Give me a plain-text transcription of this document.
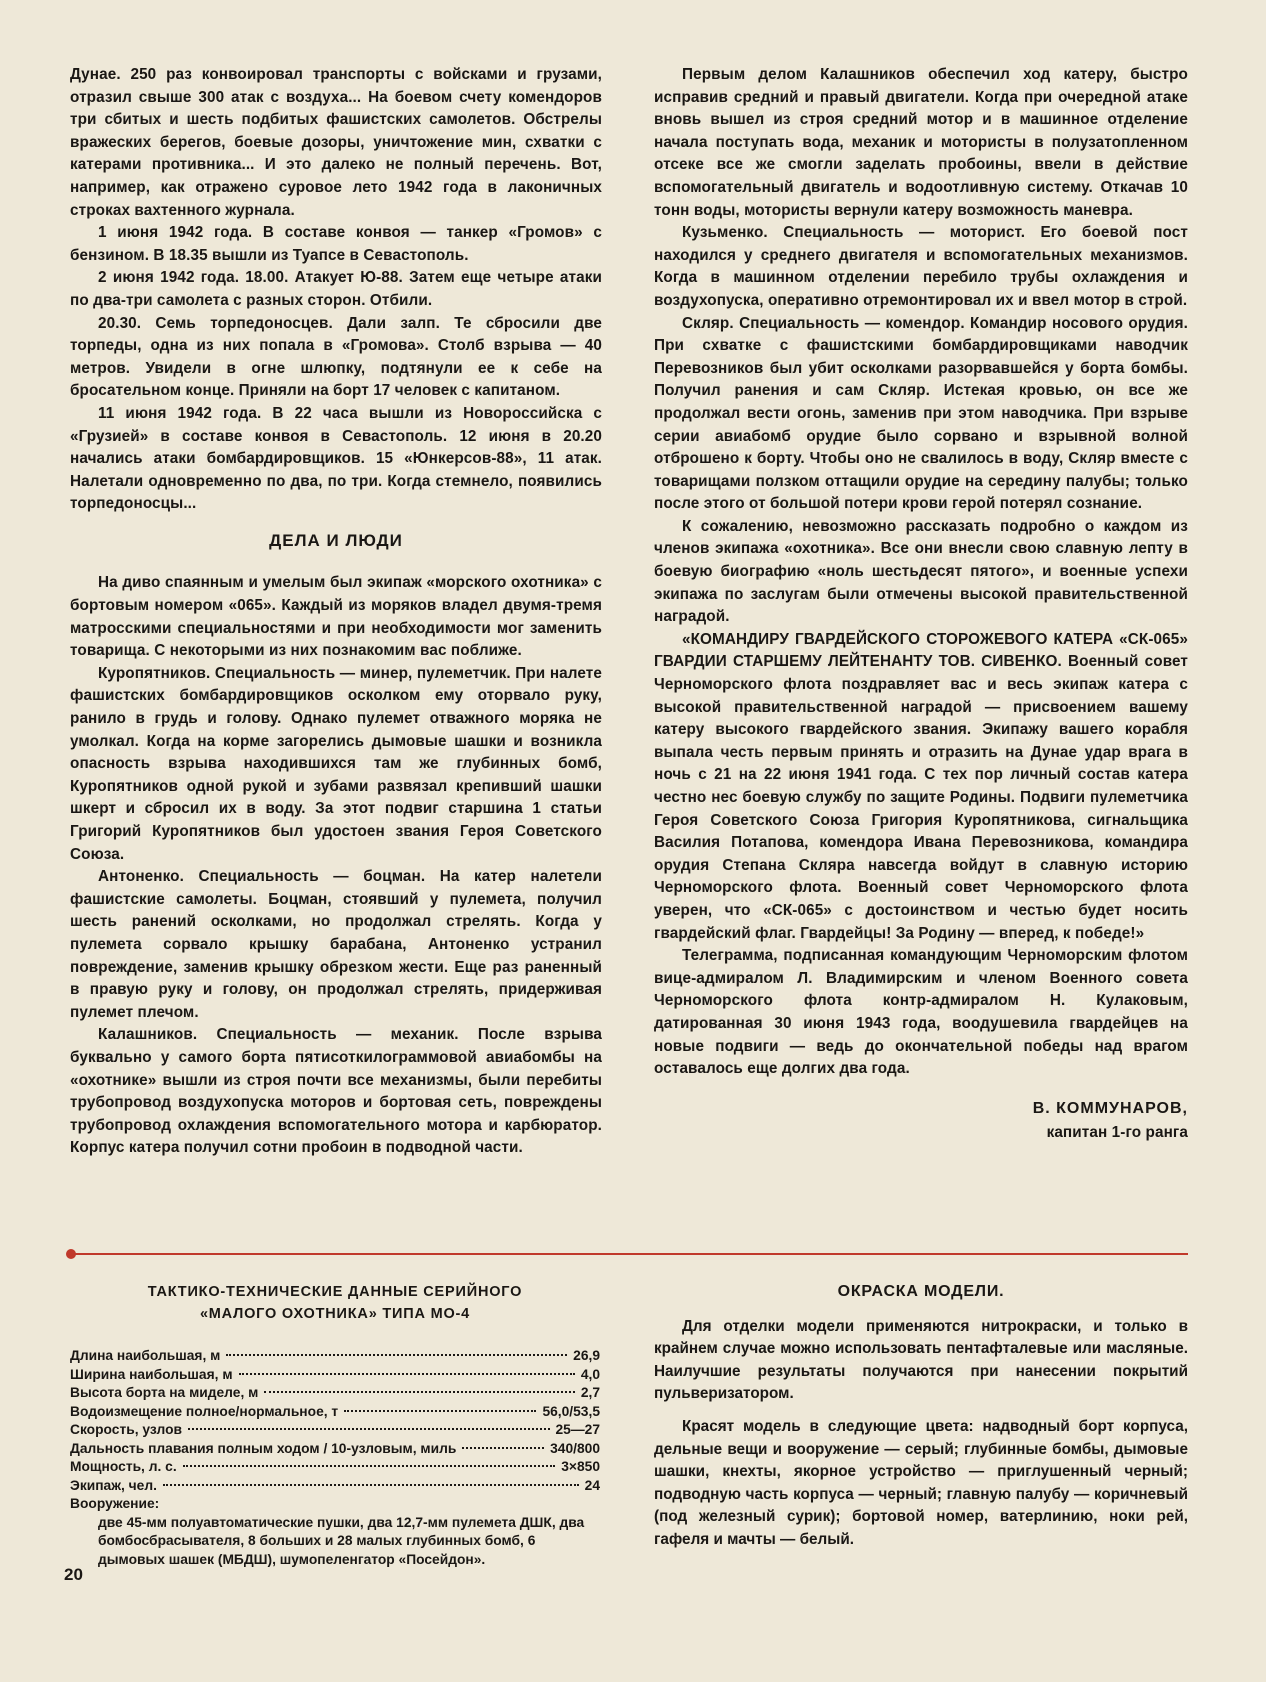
Дунае. 250 раз конвоировал транспорты с войсками и грузами, отразил свыше 300 атак с воздуха... На боевом счету комендоров три сбитых и шесть подбитых фашистских самолетов. Обстрелы вражеских берегов, боевые дозоры, уничтожение мин, схватки с катерами противника... И это далеко не полный перечень. Вот, например, как отражено суровое лето 1942 года в лаконичных строках вахтенного журнала.

1 июня 1942 года. В составе конвоя — танкер «Громов» с бензином. В 18.35 вышли из Туапсе в Севастополь.

2 июня 1942 года. 18.00. Атакует Ю-88. Затем еще четыре атаки по два-три самолета с разных сторон. Отбили.

20.30. Семь торпедоносцев. Дали залп. Те сбросили две торпеды, одна из них попала в «Громова». Столб взрыва — 40 метров. Увидели в огне шлюпку, подтянули ее к себе на бросательном конце. Приняли на борт 17 человек с капитаном.

11 июня 1942 года. В 22 часа вышли из Новороссийска с «Грузией» в составе конвоя в Севастополь. 12 июня в 20.20 начались атаки бомбардировщиков. 15 «Юнкерсов-88», 11 атак. Налетали одновременно по два, по три. Когда стемнело, появились торпедоносцы...

ДЕЛА И ЛЮДИ

На диво спаянным и умелым был экипаж «морского охотника» с бортовым номером «065». Каждый из моряков владел двумя-тремя матросскими специальностями и при необходимости мог заменить товарища. С некоторыми из них познакомим вас поближе.

Куропятников. Специальность — минер, пулеметчик. При налете фашистских бомбардировщиков осколком ему оторвало руку, ранило в грудь и голову. Однако пулемет отважного моряка не умолкал. Когда на корме загорелись дымовые шашки и возникла опасность взрыва находившихся там же глубинных бомб, Куропятников одной рукой и зубами развязал крепивший шашки шкерт и сбросил их в воду. За этот подвиг старшина 1 статьи Григорий Куропятников был удостоен звания Героя Советского Союза.

Антоненко. Специальность — боцман. На катер налетели фашистские самолеты. Боцман, стоявший у пулемета, получил шесть ранений осколками, но продолжал стрелять. Когда у пулемета сорвало крышку барабана, Антоненко устранил повреждение, заменив крышку обрезком жести. Еще раз раненный в правую руку и голову, он продолжал стрелять, придерживая пулемет плечом.

Калашников. Специальность — механик. После взрыва буквально у самого борта пятисоткилограммовой авиабомбы на «охотнике» вышли из строя почти все механизмы, были перебиты трубопровод воздухопуска моторов и бортовая сеть, повреждены трубопровод охлаждения вспомогательного мотора и карбюратор. Корпус катера получил сотни пробоин в подводной части.

Первым делом Калашников обеспечил ход катеру, быстро исправив средний и правый двигатели. Когда при очередной атаке вновь вышел из строя средний мотор и в машинное отделение начала поступать вода, механик и мотористы в полузатопленном отсеке все же смогли заделать пробоины, ввели в действие вспомогательный двигатель и водоотливную систему. Откачав 10 тонн воды, мотористы вернули катеру возможность маневра.

Кузьменко. Специальность — моторист. Его боевой пост находился у среднего двигателя и вспомогательных механизмов. Когда в машинном отделении перебило трубы охлаждения и воздухопуска, оперативно отремонтировал их и ввел мотор в строй.

Скляр. Специальность — комендор. Командир носового орудия. При схватке с фашистскими бомбардировщиками наводчик Перевозников был убит осколками разорвавшейся у борта бомбы. Получил ранения и сам Скляр. Истекая кровью, он все же продолжал вести огонь, заменив при этом наводчика. При взрыве серии авиабомб орудие было сорвано и взрывной волной отброшено к борту. Чтобы оно не свалилось в воду, Скляр вместе с товарищами ползком оттащили орудие на середину палубы; только после этого от большой потери крови герой потерял сознание.

К сожалению, невозможно рассказать подробно о каждом из членов экипажа «охотника». Все они внесли свою славную лепту в боевую биографию «ноль шестьдесят пятого», и военные успехи экипажа по заслугам были отмечены высокой правительственной наградой.

«КОМАНДИРУ ГВАРДЕЙСКОГО СТОРОЖЕВОГО КАТЕРА «СК-065» ГВАРДИИ СТАРШЕМУ ЛЕЙТЕНАНТУ ТОВ. СИВЕНКО. Военный совет Черноморского флота поздравляет вас и весь экипаж катера с высокой правительственной наградой — присвоением вашему катеру высокого гвардейского звания. Экипажу вашего корабля выпала честь первым принять и отразить на Дунае удар врага в ночь с 21 на 22 июня 1941 года. С тех пор личный состав катера честно нес боевую службу по защите Родины. Подвиги пулеметчика Героя Советского Союза Григория Куропятникова, сигнальщика Василия Потапова, комендора Ивана Перевозникова, командира орудия Степана Скляра навсегда войдут в славную историю Черноморского флота. Военный совет Черноморского флота уверен, что «СК-065» с достоинством и честью будет носить гвардейский флаг. Гвардейцы! За Родину — вперед, к победе!»

Телеграмма, подписанная командующим Черноморским флотом вице-адмиралом Л. Владимирским и членом Военного совета Черноморского флота контр-адмиралом Н. Кулаковым, датированная 30 июня 1943 года, воодушевила гвардейцев на новые подвиги — ведь до окончательной победы над врагом оставалось еще долгих два года.

В. КОММУНАРОВ,
капитан 1-го ранга
ТАКТИКО-ТЕХНИЧЕСКИЕ ДАННЫЕ СЕРИЙНОГО
«МАЛОГО ОХОТНИКА» ТИПА МО-4
Длина наибольшая, м	26,9
Ширина наибольшая, м	4,0
Высота борта на миделе, м	2,7
Водоизмещение полное/нормальное, т	56,0/53,5
Скорость, узлов	25—27
Дальность плавания полным ходом / 10-узловым, миль	340/800
Мощность, л. с.	3×850
Экипаж, чел.	24
Вооружение:
две 45-мм полуавтоматические пушки, два 12,7-мм пулемета ДШК, два бомбосбрасывателя, 8 больших и 28 малых глубинных бомб, 6 дымовых шашек (МБДШ), шумопеленгатор «Посейдон».
ОКРАСКА МОДЕЛИ.

Для отделки модели применяются нитрокраски, и только в крайнем случае можно использовать пентафталевые или масляные. Наилучшие результаты получаются при нанесении покрытий пульверизатором.

Красят модель в следующие цвета: надводный борт корпуса, дельные вещи и вооружение — серый; глубинные бомбы, дымовые шашки, кнехты, якорное устройство — приглушенный черный; подводную часть корпуса — черный; главную палубу — коричневый (под железный сурик); бортовой номер, ватерлинию, ноки рей, гафеля и мачты — белый.

20
